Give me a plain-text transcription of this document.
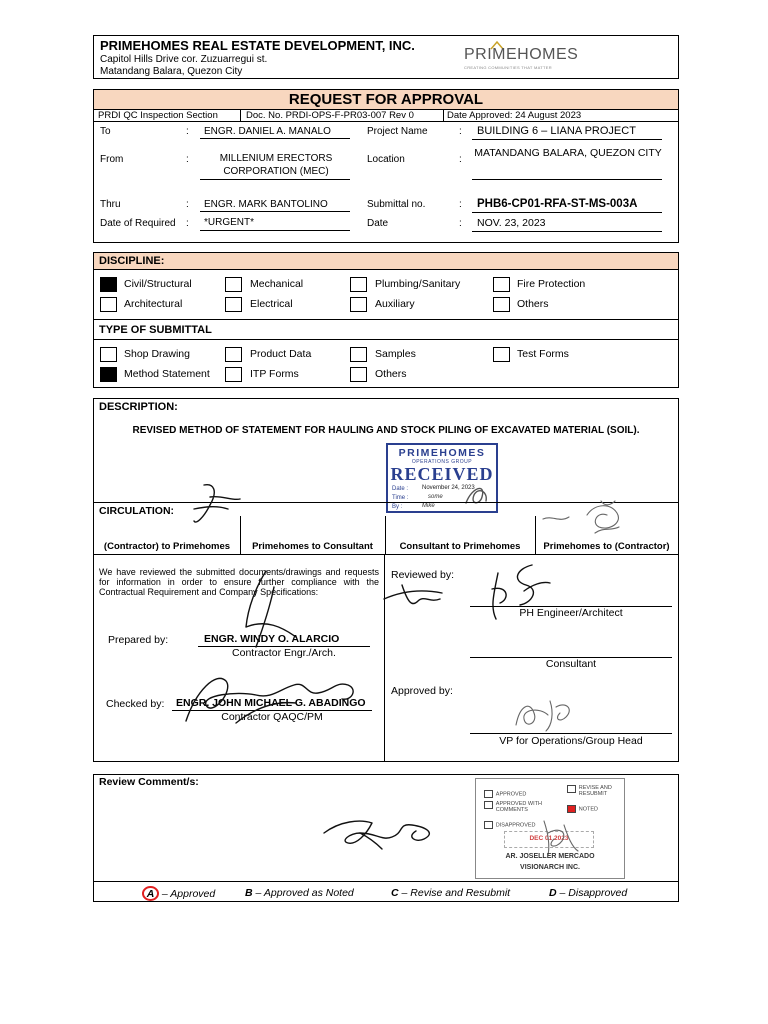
PRIMEHOMES REAL ESTATE DEVELOPMENT, INC.
Capitol Hills Drive cor. Zuzuarregui st.
Matandang Balara, Quezon City
PRIMEHOMES
CREATING COMMUNITIES THAT MATTER
REQUEST FOR APPROVAL
PRDI QC Inspection Section	Doc. No. PRDI-OPS-F-PR03-007 Rev 0	Date Approved: 24 August 2023
To	: ENGR. DANIEL A. MANALO
From	:	MILLENIUM ERECTORS CORPORATION (MEC)
Thru	: ENGR. MARK BANTOLINO
Date of Required : *URGENT*
Project Name	: BUILDING 6 – LIANA PROJECT
Location	:
MATANDANG BALARA, QUEZON CITY
Submittal no.	: PHB6-CP01-RFA-ST-MS-003A
Date	: NOV. 23, 2023
DISCIPLINE:
Civil/Structural	Mechanical	Plumbing/Sanitary	Fire Protection
Architectural	Electrical	Auxiliary	Others
TYPE OF SUBMITTAL
Shop Drawing	Product Data	Samples	Test Forms
Method Statement	ITP Forms	Others
DESCRIPTION:
REVISED METHOD OF STATEMENT FOR HAULING AND STOCK PILING OF EXCAVATED MATERIAL (SOIL).
PRIMEHOMES
OPERATIONS GROUP
RECEIVED
Date : November 24, 2023
Time :	some
By :	Mike
CIRCULATION:
(Contractor) to Primehomes	Primehomes to Consultant	Consultant to Primehomes	Primehomes to (Contractor)
We have reviewed the submitted documents/drawings and requests for information in order to ensure further compliance with the Contractual Requirement and Company Specifications:
Prepared by:	ENGR. WINDY O. ALARCIO
Contractor Engr./Arch.
Checked by: ENGR. JOHN MICHAEL G. ABADINGO
Contractor QAQC/PM
Reviewed by:
PH Engineer/Architect
Consultant
Approved by:
VP for Operations/Group Head
Review Comment/s:
APPROVED
REVISE AND RESUBMIT
APPROVED WITH COMMENTS	NOTED
DISAPPROVED
DEC 01 2023
AR. JOSELLER MERCADO
VISIONARCH INC.
A – Approved	B – Approved as Noted	C – Revise and Resubmit	D – Disapproved
